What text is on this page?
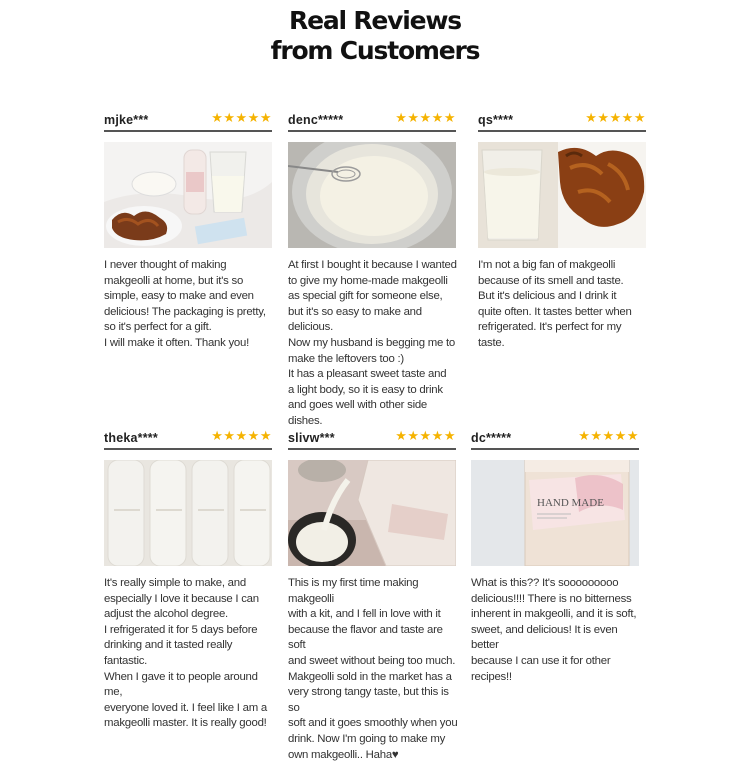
Real Reviews
from Customers
mjke***	★★★★★
I never thought of making
makgeolli at home, but it's so
simple, easy to make and even
delicious! The packaging is pretty,
so it's perfect for a gift.
I will make it often. Thank you!
denc*****	★★★★★
At first I bought it because I wanted
to give my home-made makgeolli
as special gift for someone else,
but it's so easy to make and delicious.
Now my husband is begging me to
make the leftovers too :)
It has a pleasant sweet taste and
a light body, so it is easy to drink
and goes well with other side dishes.
qs****	★★★★★
I'm not a big fan of makgeolli
because of its smell and taste.
But it's delicious and I drink it
quite often. It tastes better when
refrigerated. It's perfect for my taste.
theka****	★★★★★
It's really simple to make, and
especially I love it because I can
adjust the alcohol degree.
I refrigerated it for 5 days before
drinking and it tasted really fantastic.
When I gave it to people around me,
everyone loved it. I feel like I am a
makgeolli master. It is really good!
slivw***	★★★★★
This is my first time making makgeolli
with a kit, and I fell in love with it
because the flavor and taste are soft
and sweet without being too much.
Makgeolli sold in the market has a
very strong tangy taste, but this is so
soft and it goes smoothly when you
drink. Now I'm going to make my
own makgeolli.. Haha♥
dc*****	★★★★★
HAND MADE
What is this?? It's sooooooooo
delicious!!!! There is no bitterness
inherent in makgeolli, and it is soft,
sweet, and delicious! It is even better
because I can use it for other recipes!!
